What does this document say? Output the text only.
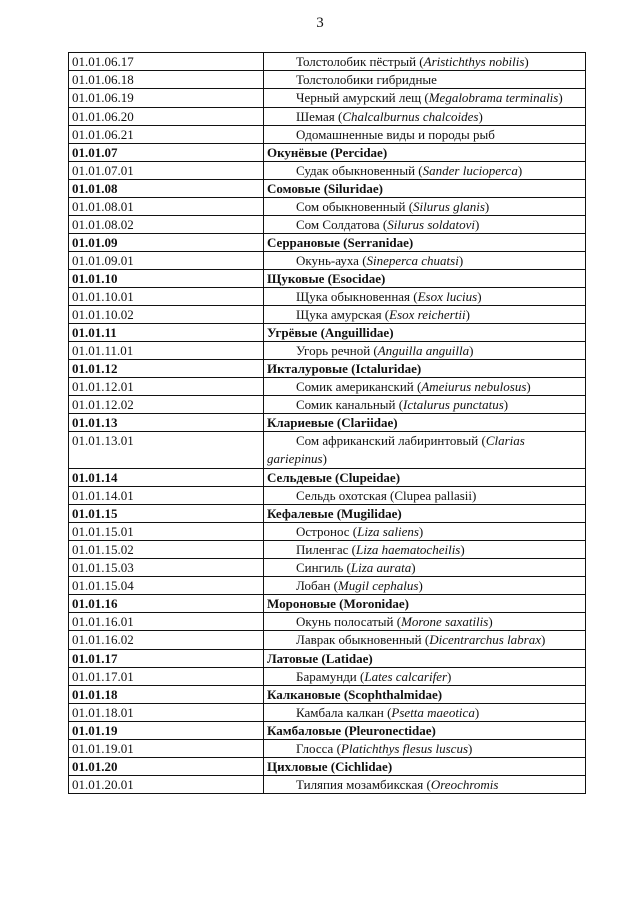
3
01.01.06.17	Толстолобик пёстрый (Aristichthys nobilis)
01.01.06.18	Толстолобики гибридные
01.01.06.19	Черный амурский лещ (Megalobrama terminalis)
01.01.06.20	Шемая (Chalcalburnus chalcoides)
01.01.06.21	Одомашненные виды и породы рыб
01.01.07	Окунёвые (Percidae)
01.01.07.01	Судак обыкновенный (Sander lucioperca)
01.01.08	Сомовые (Siluridae)
01.01.08.01	Сом обыкновенный (Silurus glanis)
01.01.08.02	Сом Солдатова (Silurus soldatovi)
01.01.09	Серрановые (Serranidae)
01.01.09.01	Окунь-ауха (Sineperca chuatsi)
01.01.10	Щуковые (Esocidae)
01.01.10.01	Щука обыкновенная (Esox lucius)
01.01.10.02	Щука амурская (Esox reichertii)
01.01.11	Угрёвые (Anguillidae)
01.01.11.01	Угорь речной (Anguilla anguilla)
01.01.12	Икталуровые (Ictaluridae)
01.01.12.01	Сомик американский (Ameiurus nebulosus)
01.01.12.02	Сомик канальный (Ictalurus punctatus)
01.01.13	Клариевые (Clariidae)
01.01.13.01	Сом африканский лабиринтовый (Clarias gariepinus)
01.01.14	Сельдевые (Clupeidae)
01.01.14.01	Сельдь охотская (Clupea pallasii)
01.01.15	Кефалевые (Mugilidae)
01.01.15.01	Остронос (Liza saliens)
01.01.15.02	Пиленгас (Liza haematocheilis)
01.01.15.03	Сингиль (Liza aurata)
01.01.15.04	Лобан (Mugil cephalus)
01.01.16	Мороновые (Moronidae)
01.01.16.01	Окунь полосатый (Morone saxatilis)
01.01.16.02	Лаврак обыкновенный (Dicentrarchus labrax)
01.01.17	Латовые (Latidae)
01.01.17.01	Барамунди (Lates calcarifer)
01.01.18	Калкановые (Scophthalmidae)
01.01.18.01	Камбала калкан (Psetta maeotica)
01.01.19	Камбаловые (Pleuronectidae)
01.01.19.01	Глосса (Platichthys flesus luscus)
01.01.20	Цихловые (Cichlidae)
01.01.20.01	Тиляпия мозамбикская (Oreochromis
